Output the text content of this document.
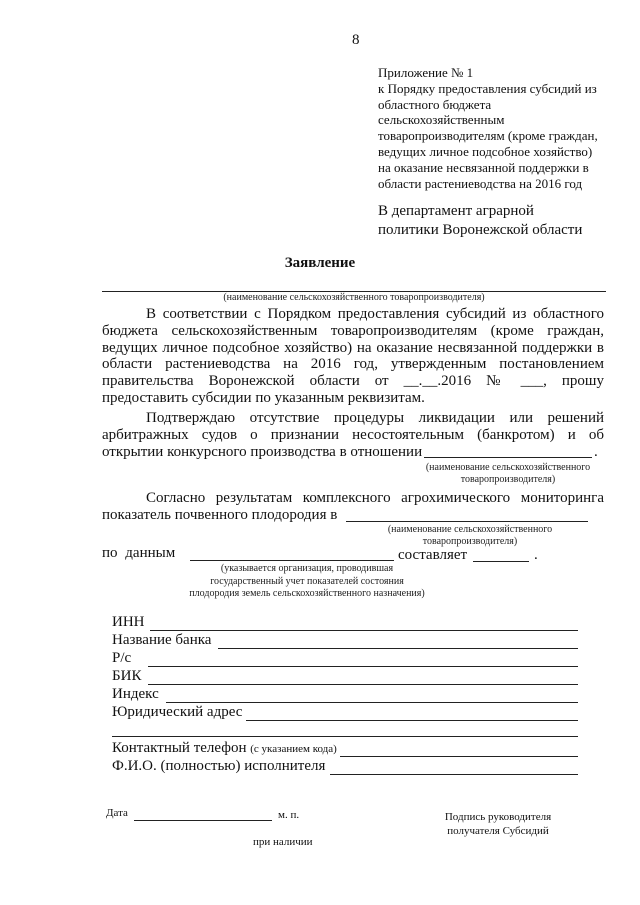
8
Приложение № 1
к Порядку предоставления субсидий из
областного бюджета
сельскохозяйственным
товаропроизводителям (кроме граждан,
ведущих личное подсобное хозяйство)
на оказание несвязанной поддержки в
области растениеводства на 2016 год
В департамент аграрной
политики Воронежской области
Заявление
(наименование сельскохозяйственного товаропроизводителя)
В соответствии с Порядком предоставления субсидий из областного
бюджета сельскохозяйственным товаропроизводителям (кроме граждан,
ведущих личное подсобное хозяйство) на оказание несвязанной поддержки в
области растениеводства на 2016 год, утвержденным постановлением
правительства Воронежской области от __.__.2016 № ___, прошу
предоставить субсидии по указанным реквизитам.
Подтверждаю отсутствие процедуры ликвидации или решений
арбитражных судов о признании несостоятельным (банкротом) и об
открытии конкурсного производства в отношении	.
(наименование сельскохозяйственного
товаропроизводителя)
Согласно результатам комплексного агрохимического мониторинга
показатель почвенного плодородия в
(наименование сельскохозяйственного
товаропроизводителя)
по данным	составляет	.
(указывается организация, проводившая
государственный учет показателей состояния
плодородия земель сельскохозяйственного назначения)
ИНН
Название банка
Р/с
БИК
Индекс
Юридический адрес
Контактный телефон (с указанием кода)
Ф.И.О. (полностью) исполнителя
Дата	м. п.
при наличии
Подпись руководителя
получателя Субсидий
